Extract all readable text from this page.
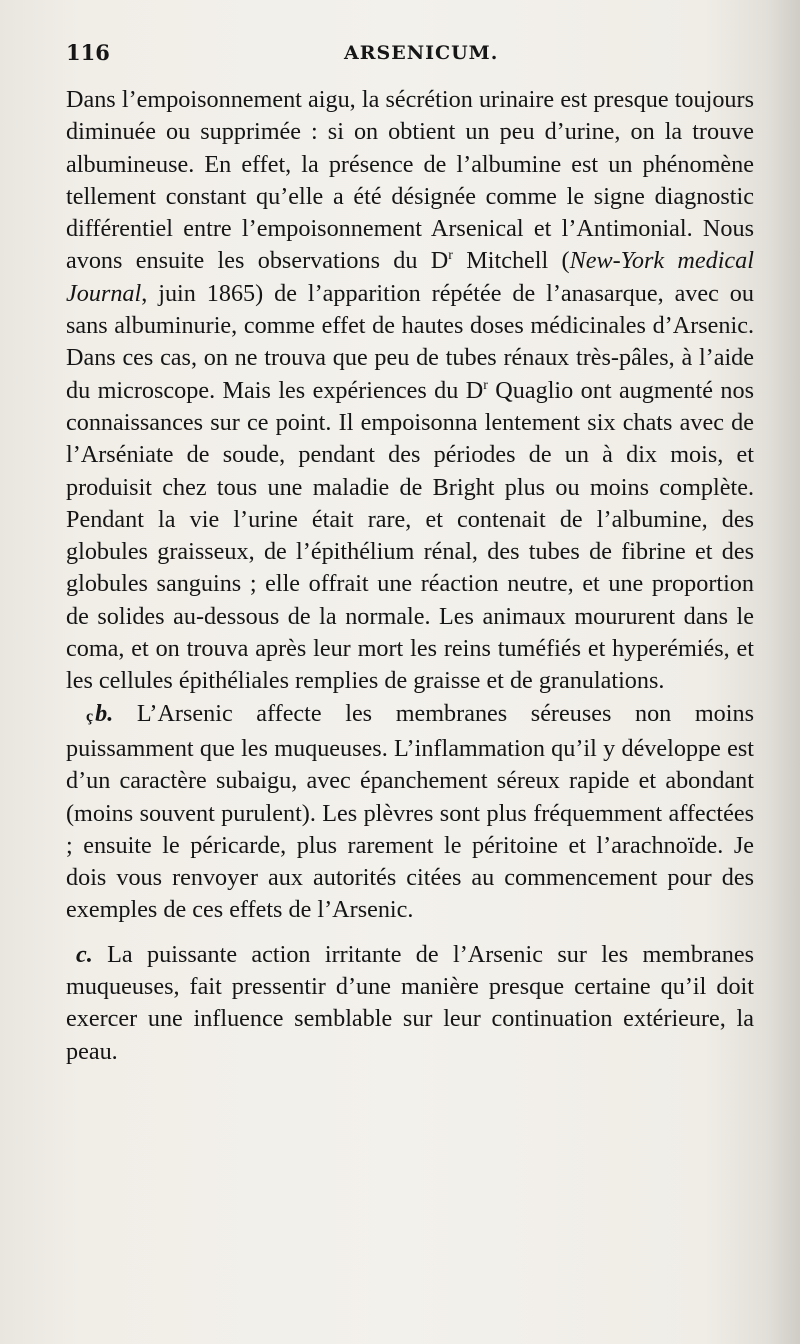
116	ARSENICUM.

Dans l’empoisonnement aigu, la sécrétion urinaire est presque toujours diminuée ou supprimée : si on obtient un peu d’urine, on la trouve albumineuse. En effet, la présence de l’albumine est un phénomène tellement constant qu’elle a été désignée comme le signe diagnostic différentiel entre l’empoisonnement Arsenical et l’Antimonial. Nous avons ensuite les observations du $D^r$ Mitchell (New-York medical Journal, juin 1865) de l’apparition répétée de l’anasarque, avec ou sans albuminurie, comme effet de hautes doses médicinales d’Arsenic. Dans ces cas, on ne trouva que peu de tubes rénaux très-pâles, à l’aide du microscope. Mais les expériences du $D^r$ Quaglio ont augmenté nos connaissances sur ce point. Il empoisonna lentement six chats avec de l’Arséniate de soude, pendant des périodes de un à dix mois, et produisit chez tous une maladie de Bright plus ou moins complète. Pendant la vie l’urine était rare, et contenait de l’albumine, des globules graisseux, de l’épithélium rénal, des tubes de fibrine et des globules sanguins ; elle offrait une réaction neutre, et une proportion de solides au-dessous de la normale. Les animaux moururent dans le coma, et on trouva après leur mort les reins tuméfiés et hyperémiés, et les cellules épithéliales remplies de graisse et de granulations.

çb. L’Arsenic affecte les membranes séreuses non moins puissamment que les muqueuses. L’inflammation qu’il y développe est d’un caractère subaigu, avec épanchement séreux rapide et abondant (moins souvent purulent). Les plèvres sont plus fréquemment affectées ; ensuite le péricarde, plus rarement le péritoine et l’arachnoïde. Je dois vous renvoyer aux autorités citées au commencement pour des exemples de ces effets de l’Arsenic.

c. La puissante action irritante de l’Arsenic sur les membranes muqueuses, fait pressentir d’une manière presque certaine qu’il doit exercer une influence semblable sur leur continuation extérieure, la peau.
